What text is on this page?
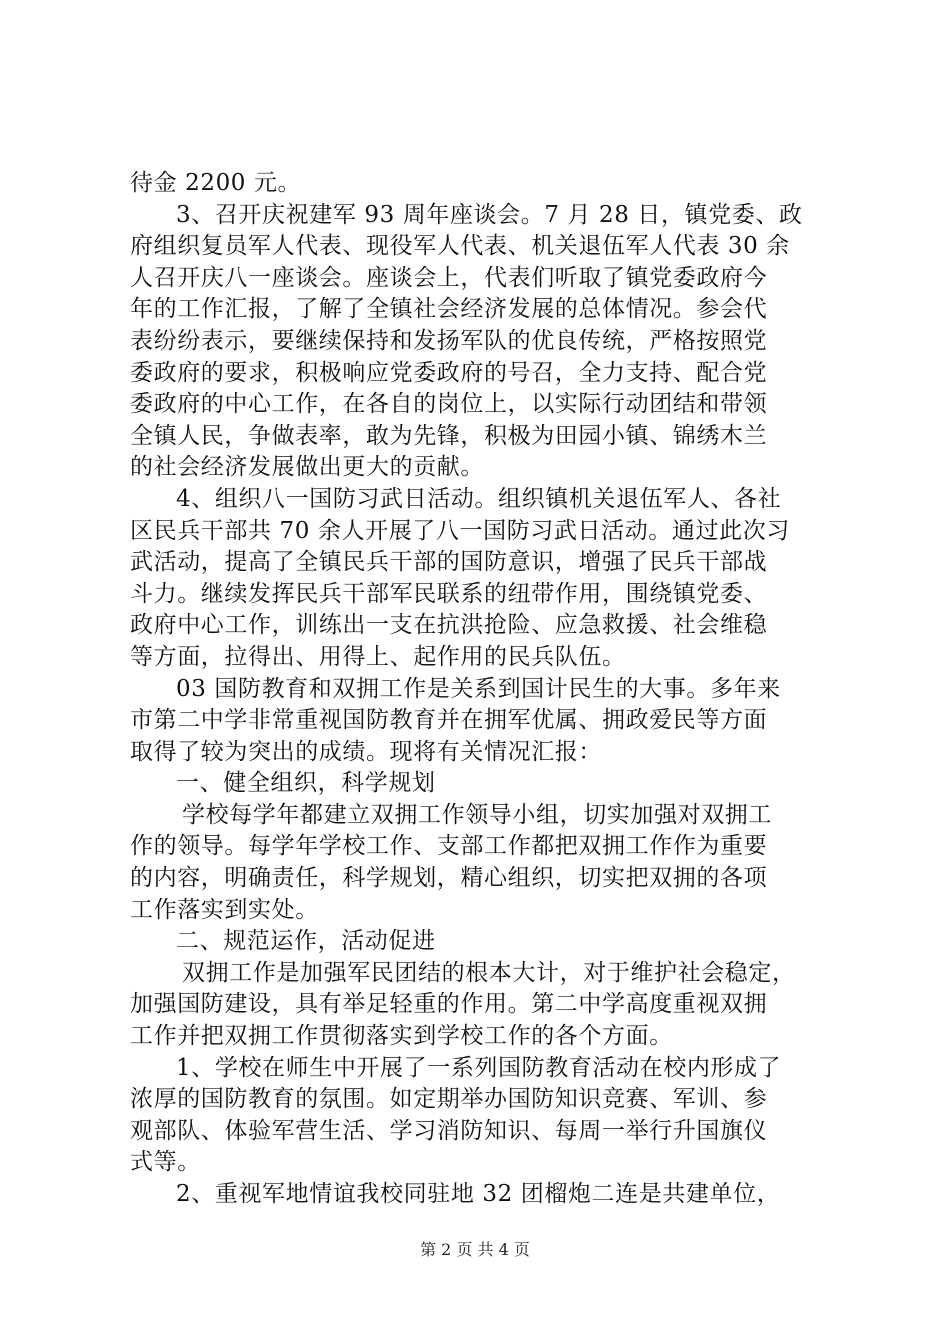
待金 2200 元。
3、召开庆祝建军 93 周年座谈会。7 月 28 日，镇党委、政
府组织复员军人代表、现役军人代表、机关退伍军人代表 30 余
人召开庆八一座谈会。座谈会上，代表们听取了镇党委政府今
年的工作汇报，了解了全镇社会经济发展的总体情况。参会代
表纷纷表示，要继续保持和发扬军队的优良传统，严格按照党
委政府的要求，积极响应党委政府的号召，全力支持、配合党
委政府的中心工作，在各自的岗位上，以实际行动团结和带领
全镇人民，争做表率，敢为先锋，积极为田园小镇、锦绣木兰
的社会经济发展做出更大的贡献。
4、组织八一国防习武日活动。组织镇机关退伍军人、各社
区民兵干部共 70 余人开展了八一国防习武日活动。通过此次习
武活动，提高了全镇民兵干部的国防意识，增强了民兵干部战
斗力。继续发挥民兵干部军民联系的纽带作用，围绕镇党委、
政府中心工作，训练出一支在抗洪抢险、应急救援、社会维稳
等方面，拉得出、用得上、起作用的民兵队伍。
03 国防教育和双拥工作是关系到国计民生的大事。多年来
市第二中学非常重视国防教育并在拥军优属、拥政爱民等方面
取得了较为突出的成绩。现将有关情况汇报：
一、健全组织，科学规划
学校每学年都建立双拥工作领导小组，切实加强对双拥工
作的领导。每学年学校工作、支部工作都把双拥工作作为重要
的内容，明确责任，科学规划，精心组织，切实把双拥的各项
工作落实到实处。
二、规范运作，活动促进
双拥工作是加强军民团结的根本大计，对于维护社会稳定，
加强国防建设，具有举足轻重的作用。第二中学高度重视双拥
工作并把双拥工作贯彻落实到学校工作的各个方面。
1、学校在师生中开展了一系列国防教育活动在校内形成了
浓厚的国防教育的氛围。如定期举办国防知识竞赛、军训、参
观部队、体验军营生活、学习消防知识、每周一举行升国旗仪
式等。
2、重视军地情谊我校同驻地 32 团榴炮二连是共建单位，
第 2 页 共 4 页
